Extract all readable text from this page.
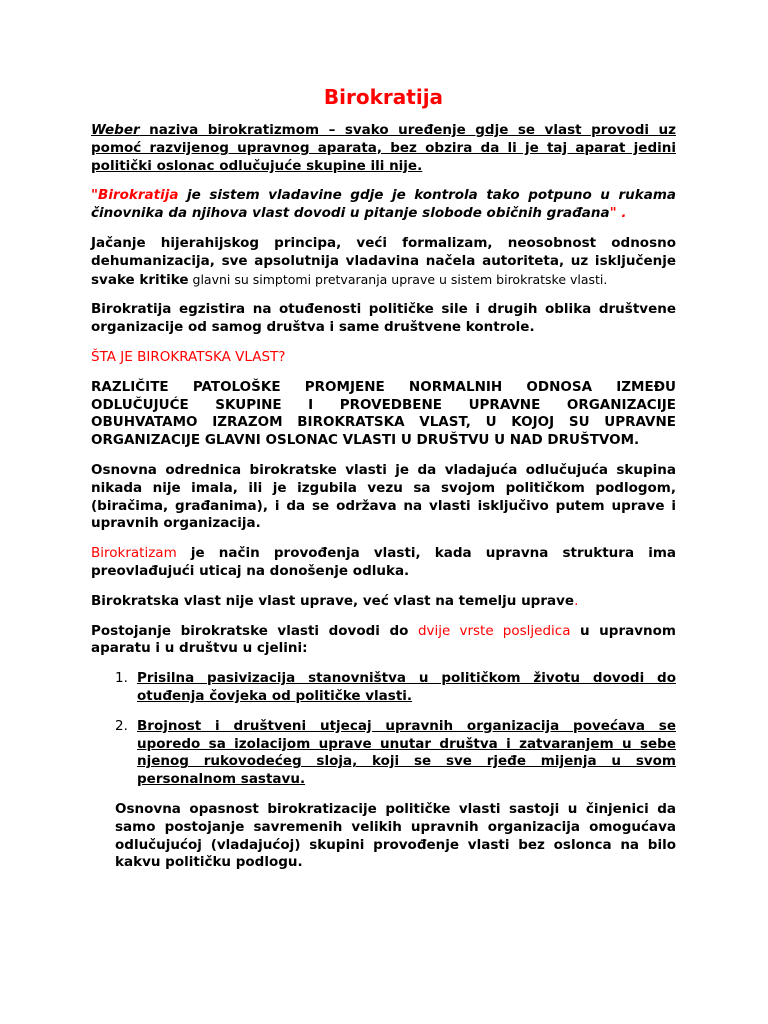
Birokratija

Weber naziva birokratizmom – svako uređenje gdje se vlast provodi uz pomoć razvijenog upravnog aparata, bez obzira da li je taj aparat jedini politički oslonac odlučujuće skupine ili nije.

"Birokratija je sistem vladavine gdje je kontrola tako potpuno u rukama činovnika da njihova vlast dovodi u pitanje slobode običnih građana" .

Jačanje hijerahijskog principa, veći formalizam, neosobnost odnosno dehumanizacija, sve apsolutnija vladavina načela autoriteta, uz isključenje svake kritike glavni su simptomi pretvaranja uprave u sistem birokratske vlasti.

Birokratija egzistira na otuđenosti političke sile i drugih oblika društvene organizacije od samog društva i same društvene kontrole.

ŠTA JE BIROKRATSKA VLAST?

RAZLIČITE PATOLOŠKE PROMJENE NORMALNIH ODNOSA IZMEĐU ODLUČUJUĆE SKUPINE I PROVEDBENE UPRAVNE ORGANIZACIJE OBUHVATAMO IZRAZOM BIROKRATSKA VLAST, U KOJOJ SU UPRAVNE ORGANIZACIJE GLAVNI OSLONAC VLASTI U DRUŠTVU U NAD DRUŠTVOM.

Osnovna odrednica birokratske vlasti je da vladajuća odlučujuća skupina nikada nije imala, ili je izgubila vezu sa svojom političkom podlogom, (biračima, građanima), i da se održava na vlasti isključivo putem uprave i upravnih organizacija.

Birokratizam je način provođenja vlasti, kada upravna struktura ima preovlađujući uticaj na donošenje odluka.

Birokratska vlast nije vlast uprave, već vlast na temelju uprave.

Postojanje birokratske vlasti dovodi do dvije vrste posljedica u upravnom aparatu i u društvu u cjelini:

1. Prisilna pasivizacija stanovništva u političkom životu dovodi do otuđenja čovjeka od političke vlasti.
2. Brojnost i društveni utjecaj upravnih organizacija povećava se uporedo sa izolacijom uprave unutar društva i zatvaranjem u sebe njenog rukovodećeg sloja, koji se sve rjeđe mijenja u svom personalnom sastavu.

Osnovna opasnost birokratizacije političke vlasti sastoji u činjenici da samo postojanje savremenih velikih upravnih organizacija omogućava odlučujućoj (vladajućoj) skupini provođenje vlasti bez oslonca na bilo kakvu političku podlogu.
